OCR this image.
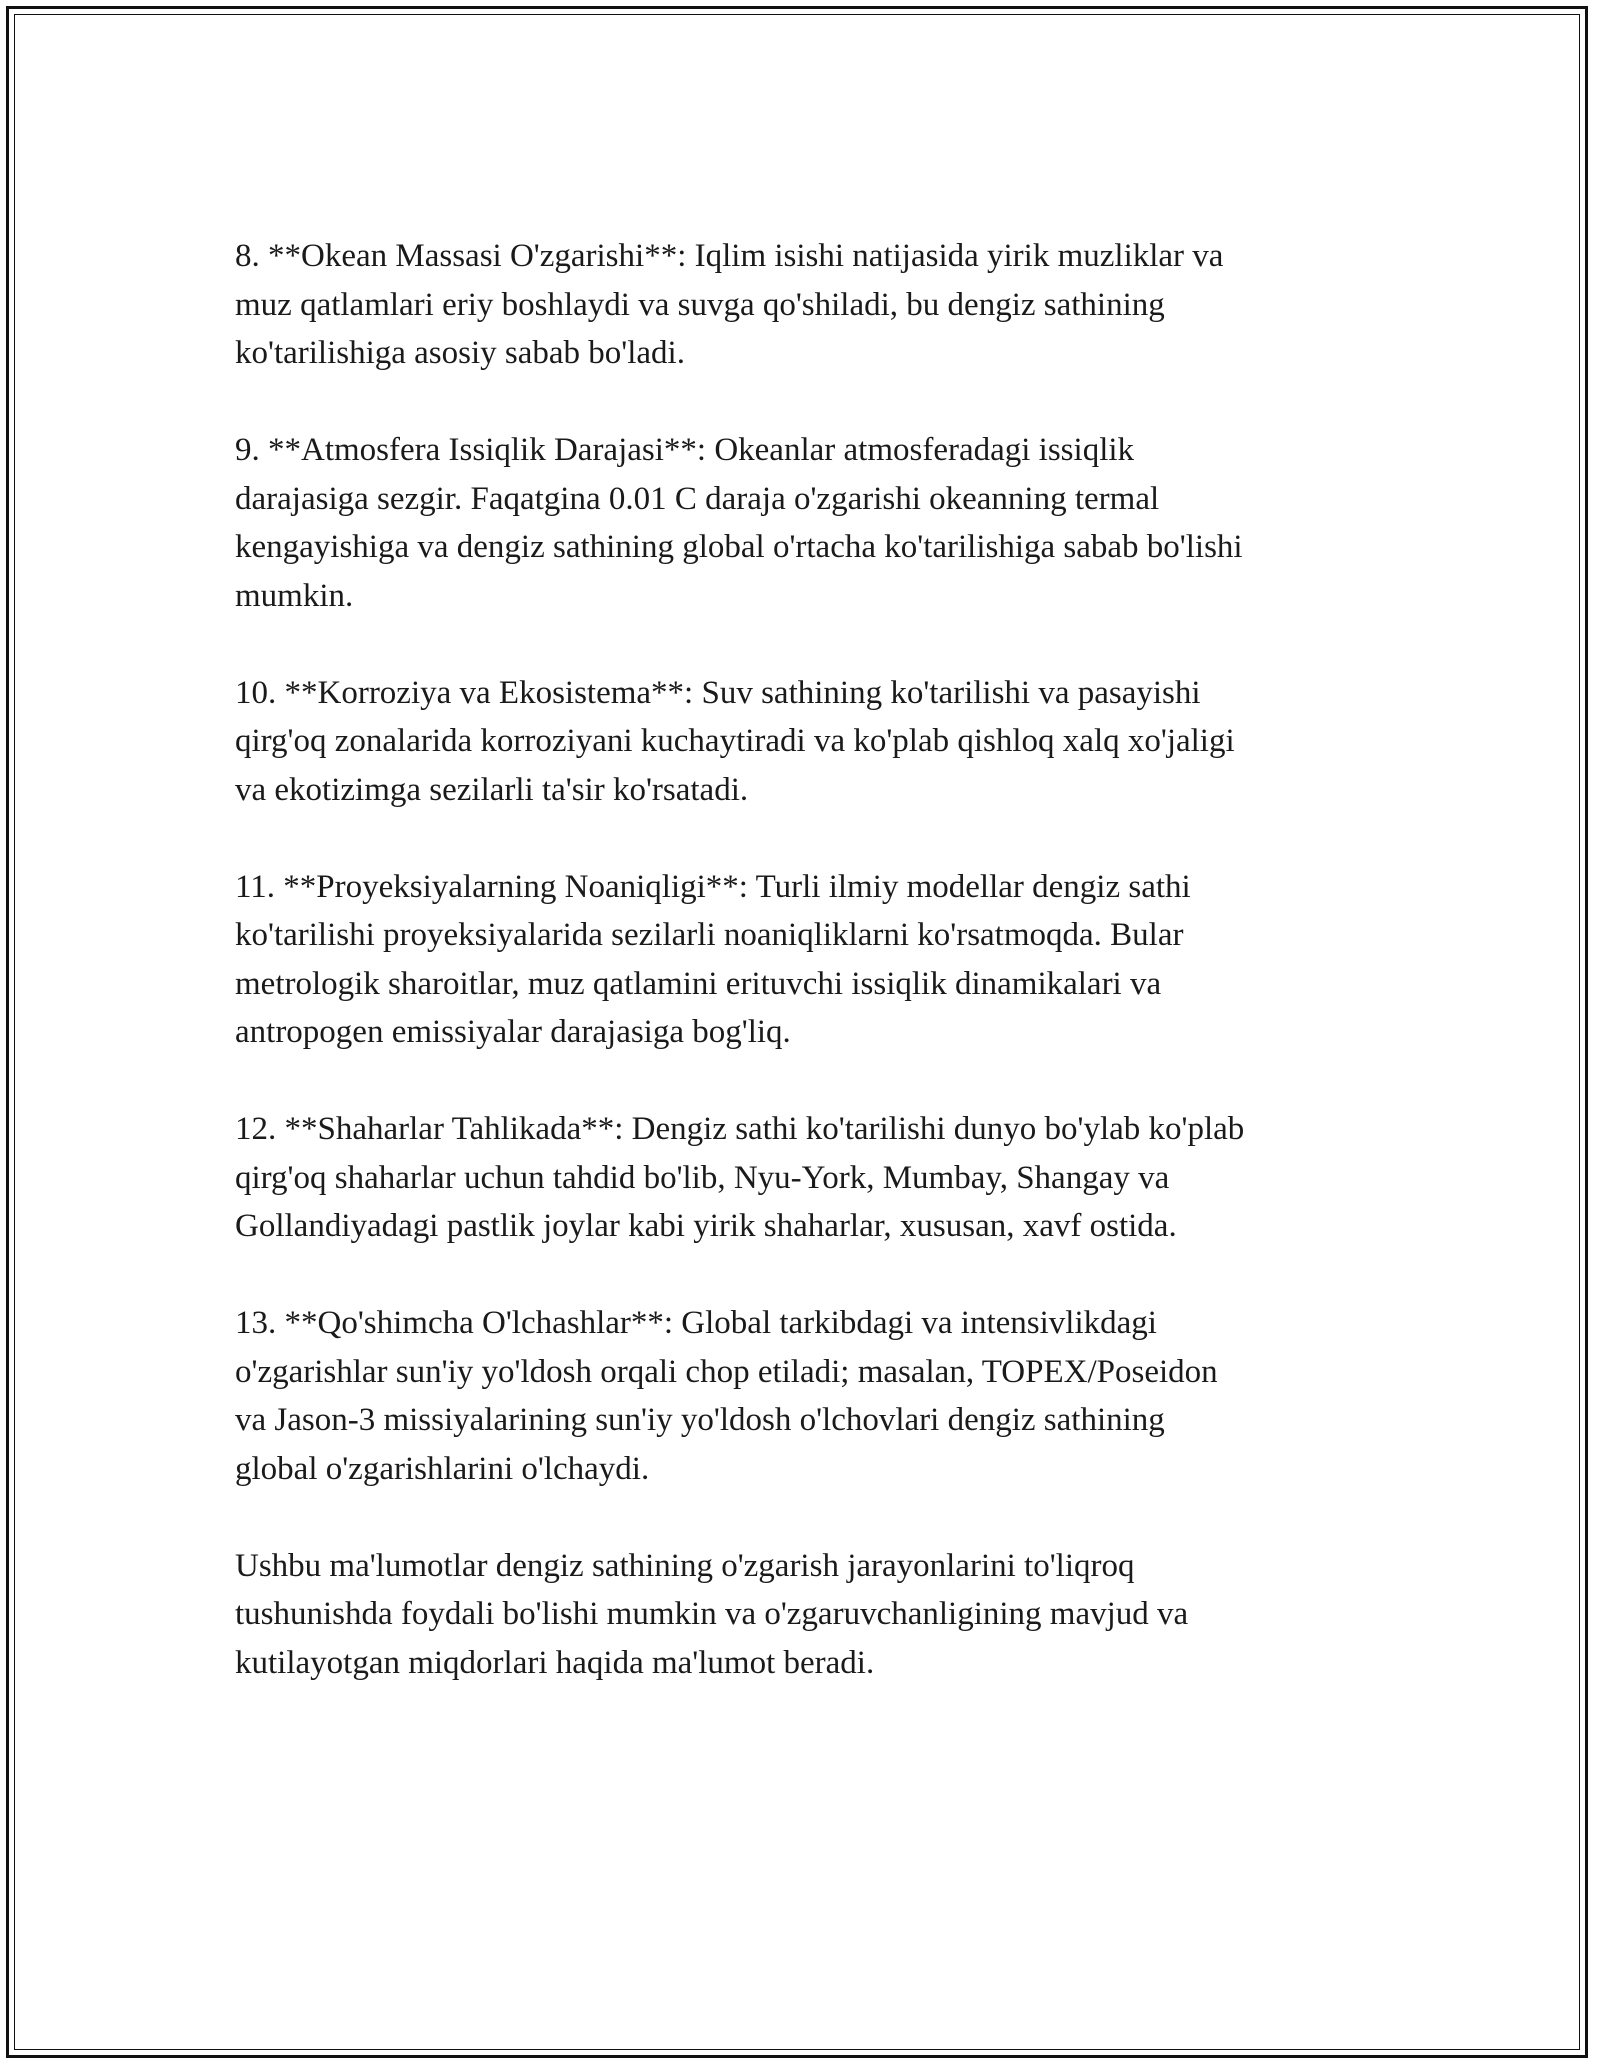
8. **Okean Massasi O'zgarishi**: Iqlim isishi natijasida yirik muzliklar va
muz qatlamlari eriy boshlaydi va suvga qo'shiladi, bu dengiz sathining
ko'tarilishiga asosiy sabab bo'ladi.

9. **Atmosfera Issiqlik Darajasi**: Okeanlar atmosferadagi issiqlik
darajasiga sezgir. Faqatgina 0.01 C daraja o'zgarishi okeanning termal
kengayishiga va dengiz sathining global o'rtacha ko'tarilishiga sabab bo'lishi
mumkin.

10. **Korroziya va Ekosistema**: Suv sathining ko'tarilishi va pasayishi
qirg'oq zonalarida korroziyani kuchaytiradi va ko'plab qishloq xalq xo'jaligi
va ekotizimga sezilarli ta'sir ko'rsatadi.

11. **Proyeksiyalarning Noaniqligi**: Turli ilmiy modellar dengiz sathi
ko'tarilishi proyeksiyalarida sezilarli noaniqliklarni ko'rsatmoqda. Bular
metrologik sharoitlar, muz qatlamini erituvchi issiqlik dinamikalari va
antropogen emissiyalar darajasiga bog'liq.

12. **Shaharlar Tahlikada**: Dengiz sathi ko'tarilishi dunyo bo'ylab ko'plab
qirg'oq shaharlar uchun tahdid bo'lib, Nyu-York, Mumbay, Shangay va
Gollandiyadagi pastlik joylar kabi yirik shaharlar, xususan, xavf ostida.

13. **Qo'shimcha O'lchashlar**: Global tarkibdagi va intensivlikdagi
o'zgarishlar sun'iy yo'ldosh orqali chop etiladi; masalan, TOPEX/Poseidon
va Jason-3 missiyalarining sun'iy yo'ldosh o'lchovlari dengiz sathining
global o'zgarishlarini o'lchaydi.

Ushbu ma'lumotlar dengiz sathining o'zgarish jarayonlarini to'liqroq
tushunishda foydali bo'lishi mumkin va o'zgaruvchanligining mavjud va
kutilayotgan miqdorlari haqida ma'lumot beradi.
